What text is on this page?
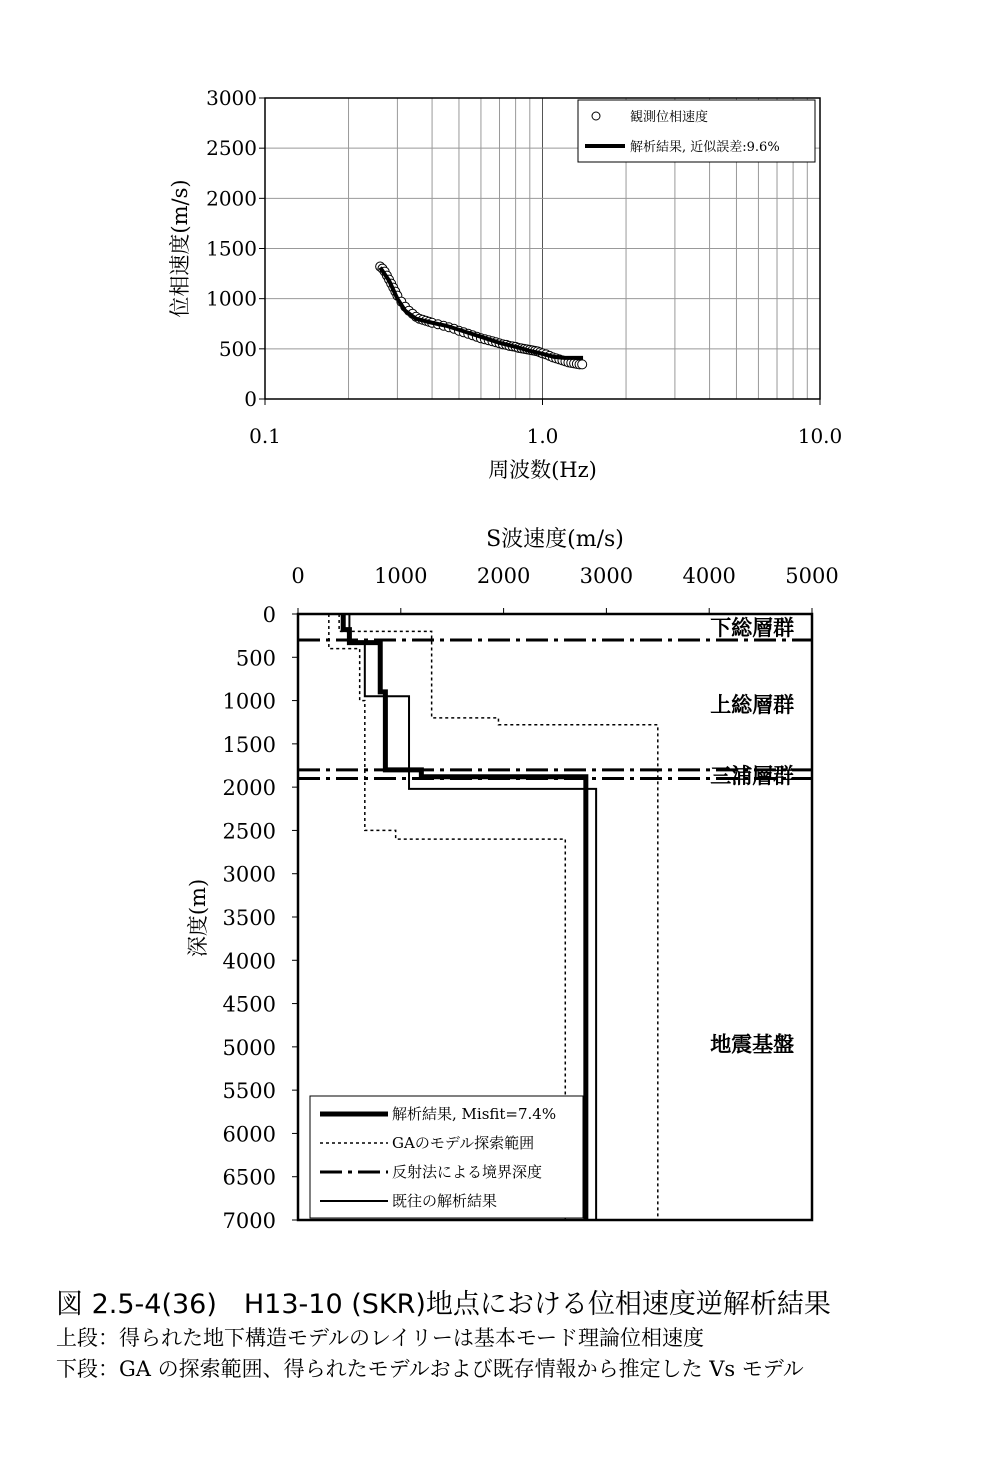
0
500
1000
1500
2000
2500
3000
0.1	1.0	10.0
周波数(Hz)
位相速度(m/s)
観測位相速度
解析結果, 近似誤差:9.6%
0	1000 2000 3000 4000 5000
S波速度(m/s)
0
500
1000
1500
2000
2500
3000
3500
4000
4500
5000
5500
6000
6500
7000
深度(m)
下総層群
上総層群
三浦層群
地震基盤
解析結果, Misfit=7.4%
GAのモデル探索範囲
反射法による境界深度
既往の解析結果
図 2.5-4(36)　H13-10 (SKR)地点における位相速度逆解析結果
上段：得られた地下構造モデルのレイリーは基本モード理論位相速度
下段：GA の探索範囲、得られたモデルおよび既存情報から推定した Vs モデル
